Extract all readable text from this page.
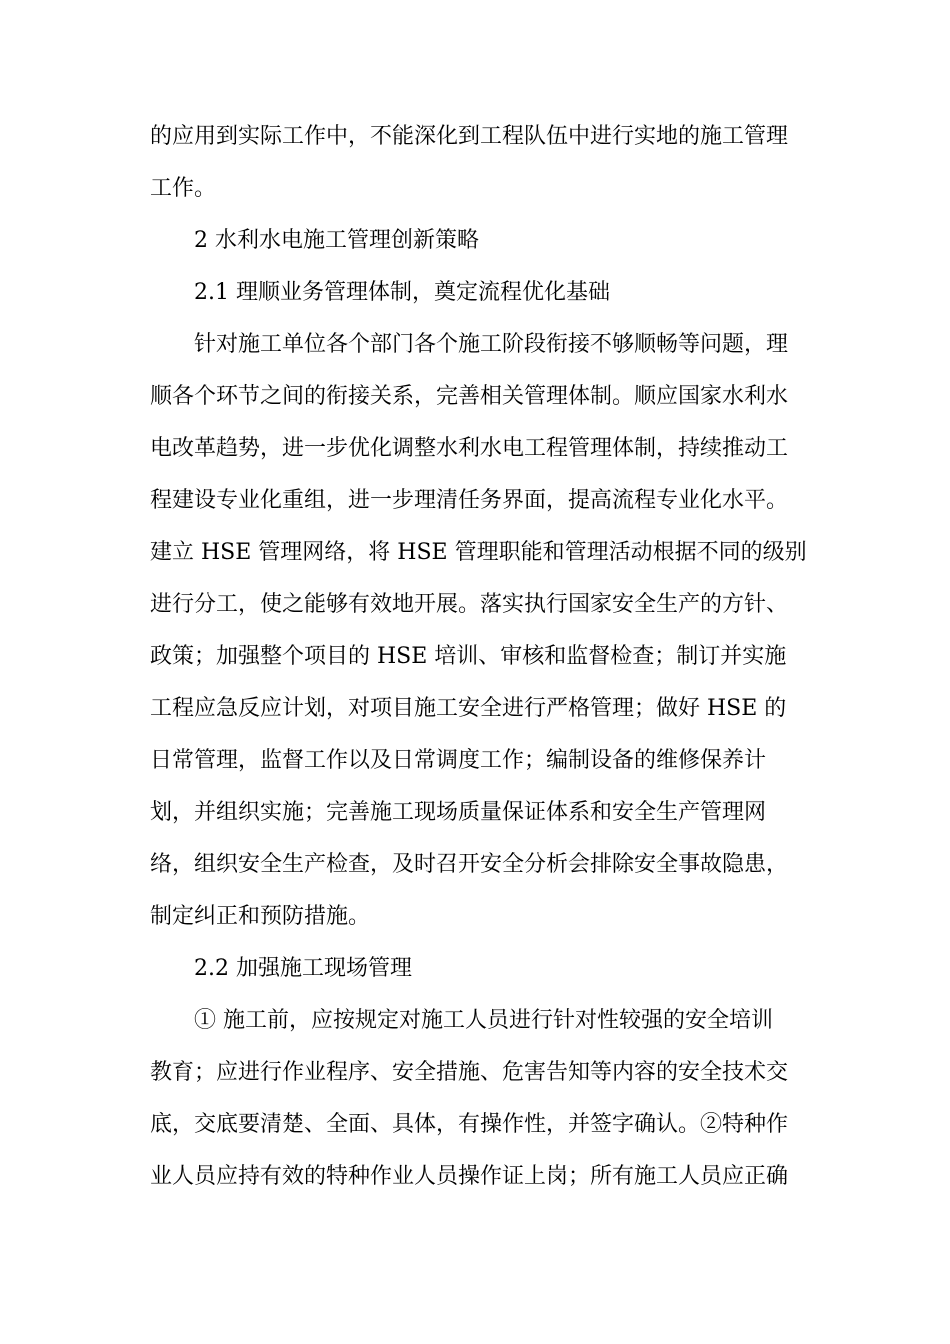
的应用到实际工作中，不能深化到工程队伍中进行实地的施工管理
工作。
2 水利水电施工管理创新策略
2.1 理顺业务管理体制，奠定流程优化基础
针对施工单位各个部门各个施工阶段衔接不够顺畅等问题，理
顺各个环节之间的衔接关系，完善相关管理体制。顺应国家水利水
电改革趋势，进一步优化调整水利水电工程管理体制，持续推动工
程建设专业化重组，进一步理清任务界面，提高流程专业化水平。
建立 HSE 管理网络，将 HSE 管理职能和管理活动根据不同的级别
进行分工，使之能够有效地开展。落实执行国家安全生产的方针、
政策；加强整个项目的 HSE 培训、审核和监督检查；制订并实施
工程应急反应计划，对项目施工安全进行严格管理；做好 HSE 的
日常管理，监督工作以及日常调度工作；编制设备的维修保养计
划，并组织实施；完善施工现场质量保证体系和安全生产管理网
络，组织安全生产检查，及时召开安全分析会排除安全事故隐患，
制定纠正和预防措施。
2.2 加强施工现场管理
① 施工前，应按规定对施工人员进行针对性较强的安全培训
教育；应进行作业程序、安全措施、危害告知等内容的安全技术交
底，交底要清楚、全面、具体，有操作性，并签字确认。②特种作
业人员应持有效的特种作业人员操作证上岗；所有施工人员应正确
